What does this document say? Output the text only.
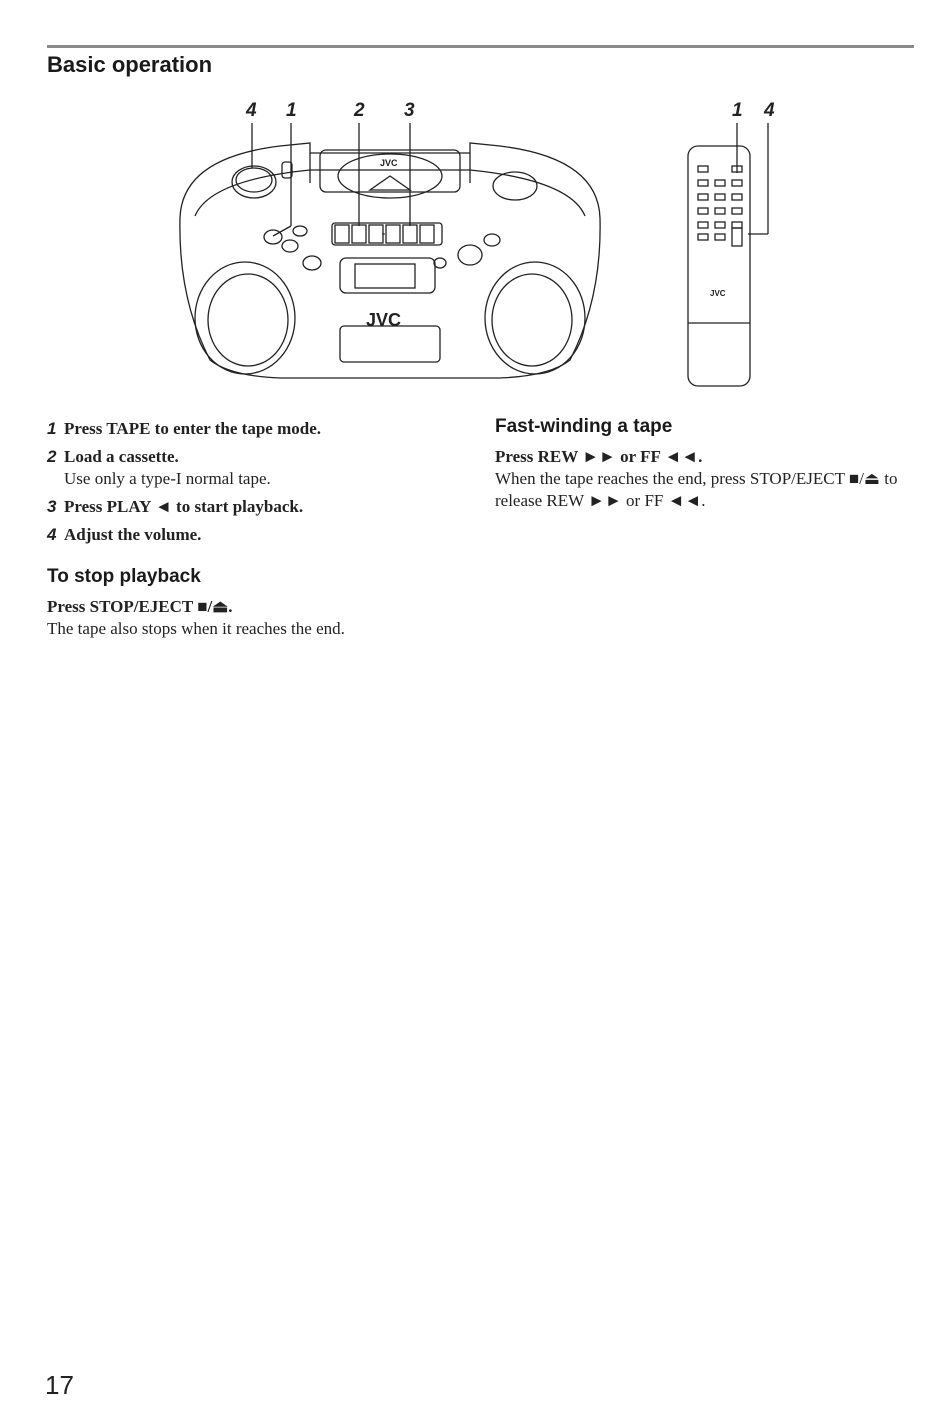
Basic operation
4 1	2 3	1 4
JVC
JVC
JVC
1 Press TAPE to enter the tape mode.
2 Load a cassette.
Use only a type-I normal tape.
3 Press PLAY ◄ to start playback.
4 Adjust the volume.
To stop playback
Press STOP/EJECT ■/⏏.
The tape also stops when it reaches the end.
Fast-winding a tape
Press REW ►► or FF ◄◄.
When the tape reaches the end, press STOP/EJECT ■/⏏ to release REW ►► or FF ◄◄.
17
